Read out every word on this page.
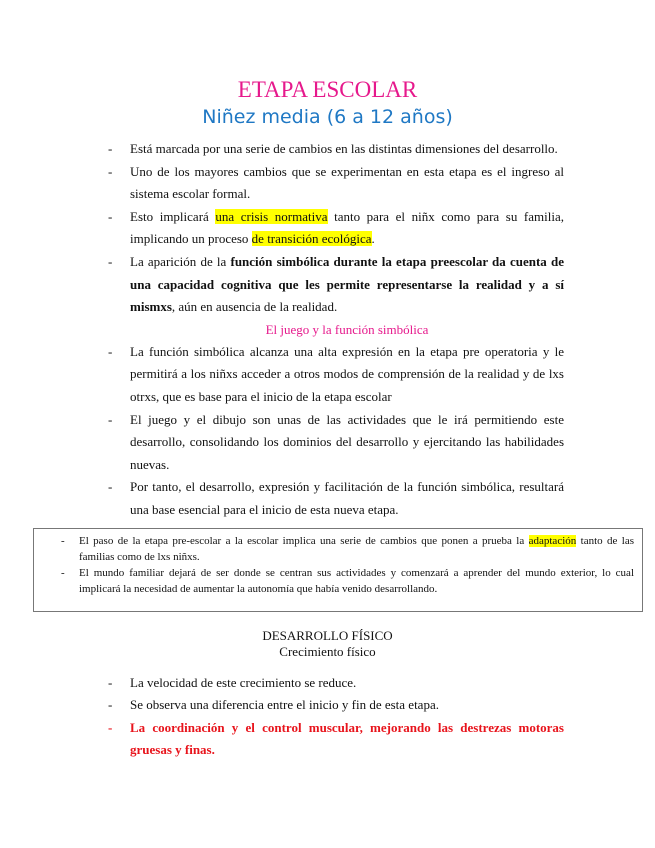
ETAPA ESCOLAR
Niñez media (6 a 12 años)
- Está marcada por una serie de cambios en las distintas dimensiones del desarrollo.
- Uno de los mayores cambios que se experimentan en esta etapa es el ingreso al sistema escolar formal.
- Esto implicará una crisis normativa tanto para el niñx como para su familia, implicando un proceso de transición ecológica.
- La aparición de la función simbólica durante la etapa preescolar da cuenta de una capacidad cognitiva que les permite representarse la realidad y a sí mismxs, aún en ausencia de la realidad.
El juego y la función simbólica
- La función simbólica alcanza una alta expresión en la etapa pre operatoria y le permitirá a los niñxs acceder a otros modos de comprensión de la realidad y de lxs otrxs, que es base para el inicio de la etapa escolar
- El juego y el dibujo son unas de las actividades que le irá permitiendo este desarrollo, consolidando los dominios del desarrollo y ejercitando las habilidades nuevas.
- Por tanto, el desarrollo, expresión y facilitación de la función simbólica, resultará una base esencial para el inicio de esta nueva etapa.
- El paso de la etapa pre-escolar a la escolar implica una serie de cambios que ponen a prueba la adaptación tanto de las familias como de lxs niñxs.
- El mundo familiar dejará de ser donde se centran sus actividades y comenzará a aprender del mundo exterior, lo cual implicará la necesidad de aumentar la autonomía que había venido desarrollando.
DESARROLLO FÍSICO
Crecimiento físico
- La velocidad de este crecimiento se reduce.
- Se observa una diferencia entre el inicio y fin de esta etapa.
- La coordinación y el control muscular, mejorando las destrezas motoras gruesas y finas.
